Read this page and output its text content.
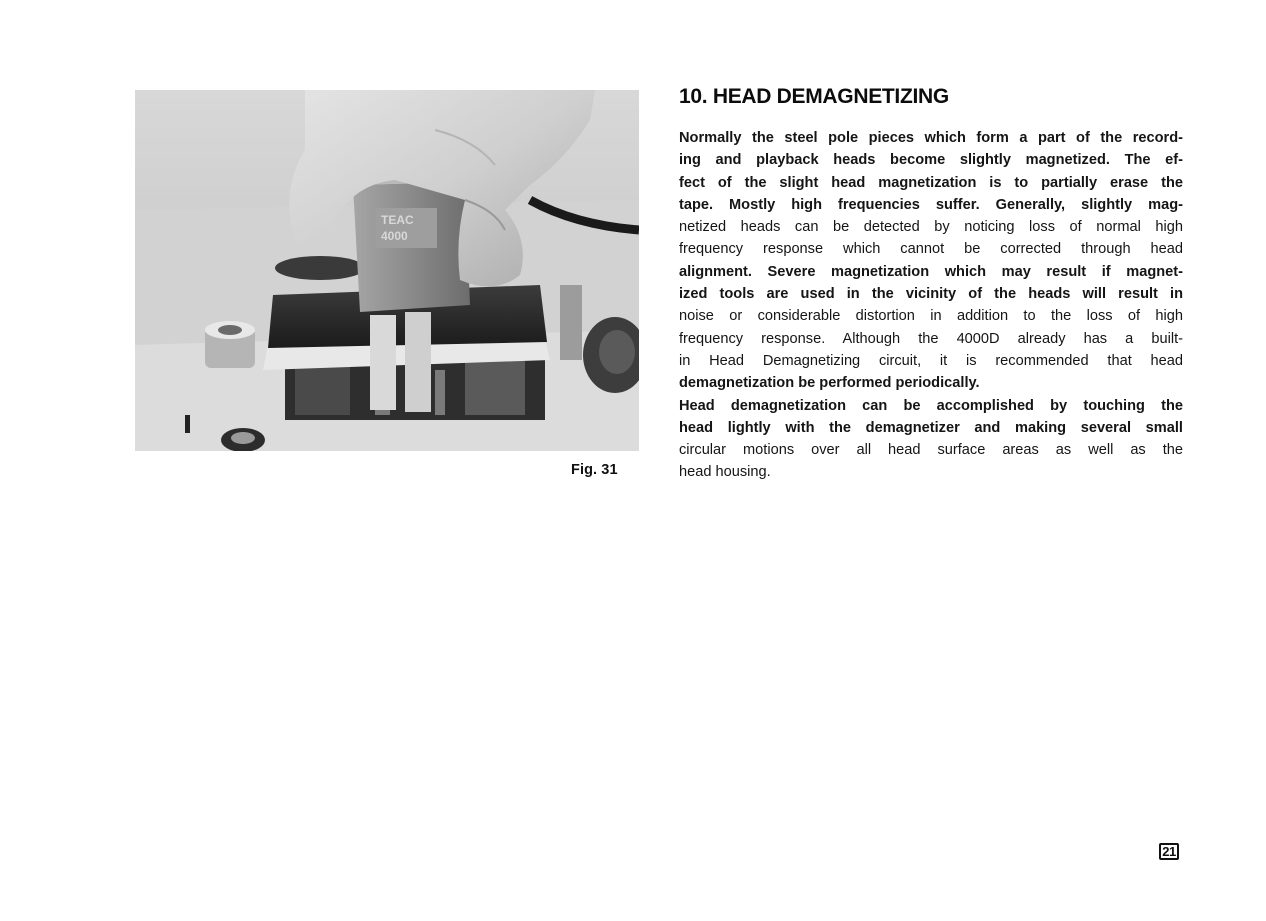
TEAC
4000
Fig. 31
10. HEAD DEMAGNETIZING

Normally the steel pole pieces which form a part of the record-
ing and playback heads become slightly magnetized. The ef-
fect of the slight head magnetization is to partially erase the
tape. Mostly high frequencies suffer. Generally, slightly mag-
netized heads can be detected by noticing loss of normal high
frequency response which cannot be corrected through head
alignment. Severe magnetization which may result if magnet-
ized tools are used in the vicinity of the heads will result in
noise or considerable distortion in addition to the loss of high
frequency response. Although the 4000D already has a built-
in Head Demagnetizing circuit, it is recommended that head
demagnetization be performed periodically.

Head demagnetization can be accomplished by touching the
head lightly with the demagnetizer and making several small
circular motions over all head surface areas as well as the
head housing.

21
